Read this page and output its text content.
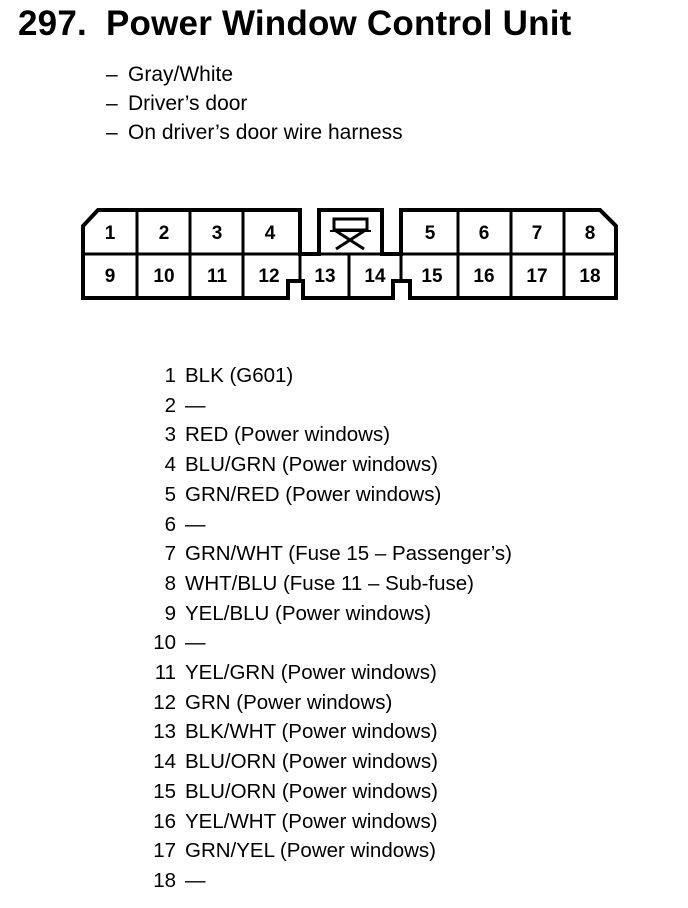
297. Power Window Control Unit
– Gray/White
– Driver’s door
– On driver’s door wire harness
1 2 3 4	5 6 7 8
9 10 11 12 13 14 15 16 17 18
1 BLK (G601)
2 —
3 RED (Power windows)
4 BLU/GRN (Power windows)
5 GRN/RED (Power windows)
6 —
7 GRN/WHT (Fuse 15 – Passenger’s)
8 WHT/BLU (Fuse 11 – Sub-fuse)
9 YEL/BLU (Power windows)
10 —
11 YEL/GRN (Power windows)
12 GRN (Power windows)
13 BLK/WHT (Power windows)
14 BLU/ORN (Power windows)
15 BLU/ORN (Power windows)
16 YEL/WHT (Power windows)
17 GRN/YEL (Power windows)
18 —
